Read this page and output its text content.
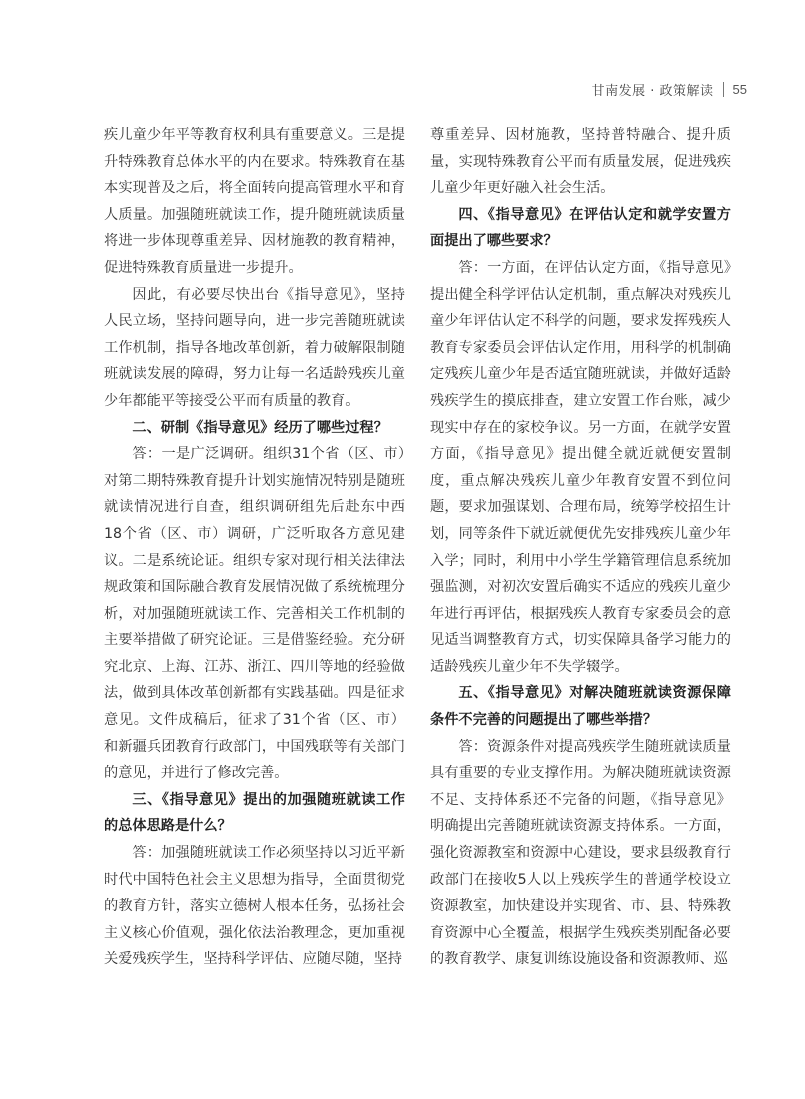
甘南发展 · 政策解读 55

疾儿童少年平等教育权利具有重要意义。三是提升特殊教育总体水平的内在要求。特殊教育在基本实现普及之后，将全面转向提高管理水平和育人质量。加强随班就读工作，提升随班就读质量将进一步体现尊重差异、因材施教的教育精神，促进特殊教育质量进一步提升。

因此，有必要尽快出台《指导意见》，坚持人民立场，坚持问题导向，进一步完善随班就读工作机制，指导各地改革创新，着力破解限制随班就读发展的障碍，努力让每一名适龄残疾儿童少年都能平等接受公平而有质量的教育。

二、研制《指导意见》经历了哪些过程？

答：一是广泛调研。组织31个省（区、市）对第二期特殊教育提升计划实施情况特别是随班就读情况进行自查，组织调研组先后赴东中西18个省（区、市）调研，广泛听取各方意见建议。二是系统论证。组织专家对现行相关法律法规政策和国际融合教育发展情况做了系统梳理分析，对加强随班就读工作、完善相关工作机制的主要举措做了研究论证。三是借鉴经验。充分研究北京、上海、江苏、浙江、四川等地的经验做法，做到具体改革创新都有实践基础。四是征求意见。文件成稿后，征求了31个省（区、市）和新疆兵团教育行政部门，中国残联等有关部门的意见，并进行了修改完善。

三、《指导意见》提出的加强随班就读工作的总体思路是什么？

答：加强随班就读工作必须坚持以习近平新时代中国特色社会主义思想为指导，全面贯彻党的教育方针，落实立德树人根本任务，弘扬社会主义核心价值观，强化依法治教理念，更加重视关爱残疾学生，坚持科学评估、应随尽随，坚持

尊重差异、因材施教，坚持普特融合、提升质量，实现特殊教育公平而有质量发展，促进残疾儿童少年更好融入社会生活。

四、《指导意见》在评估认定和就学安置方面提出了哪些要求？

答：一方面，在评估认定方面，《指导意见》提出健全科学评估认定机制，重点解决对残疾儿童少年评估认定不科学的问题，要求发挥残疾人教育专家委员会评估认定作用，用科学的机制确定残疾儿童少年是否适宜随班就读，并做好适龄残疾学生的摸底排查，建立安置工作台账，减少现实中存在的家校争议。另一方面，在就学安置方面，《指导意见》提出健全就近就便安置制度，重点解决残疾儿童少年教育安置不到位问题，要求加强谋划、合理布局，统筹学校招生计划，同等条件下就近就便优先安排残疾儿童少年入学；同时，利用中小学生学籍管理信息系统加强监测，对初次安置后确实不适应的残疾儿童少年进行再评估，根据残疾人教育专家委员会的意见适当调整教育方式，切实保障具备学习能力的适龄残疾儿童少年不失学辍学。

五、《指导意见》对解决随班就读资源保障条件不完善的问题提出了哪些举措？

答：资源条件对提高残疾学生随班就读质量具有重要的专业支撑作用。为解决随班就读资源不足、支持体系还不完备的问题，《指导意见》明确提出完善随班就读资源支持体系。一方面，强化资源教室和资源中心建设，要求县级教育行政部门在接收5人以上残疾学生的普通学校设立资源教室，加快建设并实现省、市、县、特殊教育资源中心全覆盖，根据学生残疾类别配备必要的教育教学、康复训练设施设备和资源教师、巡
